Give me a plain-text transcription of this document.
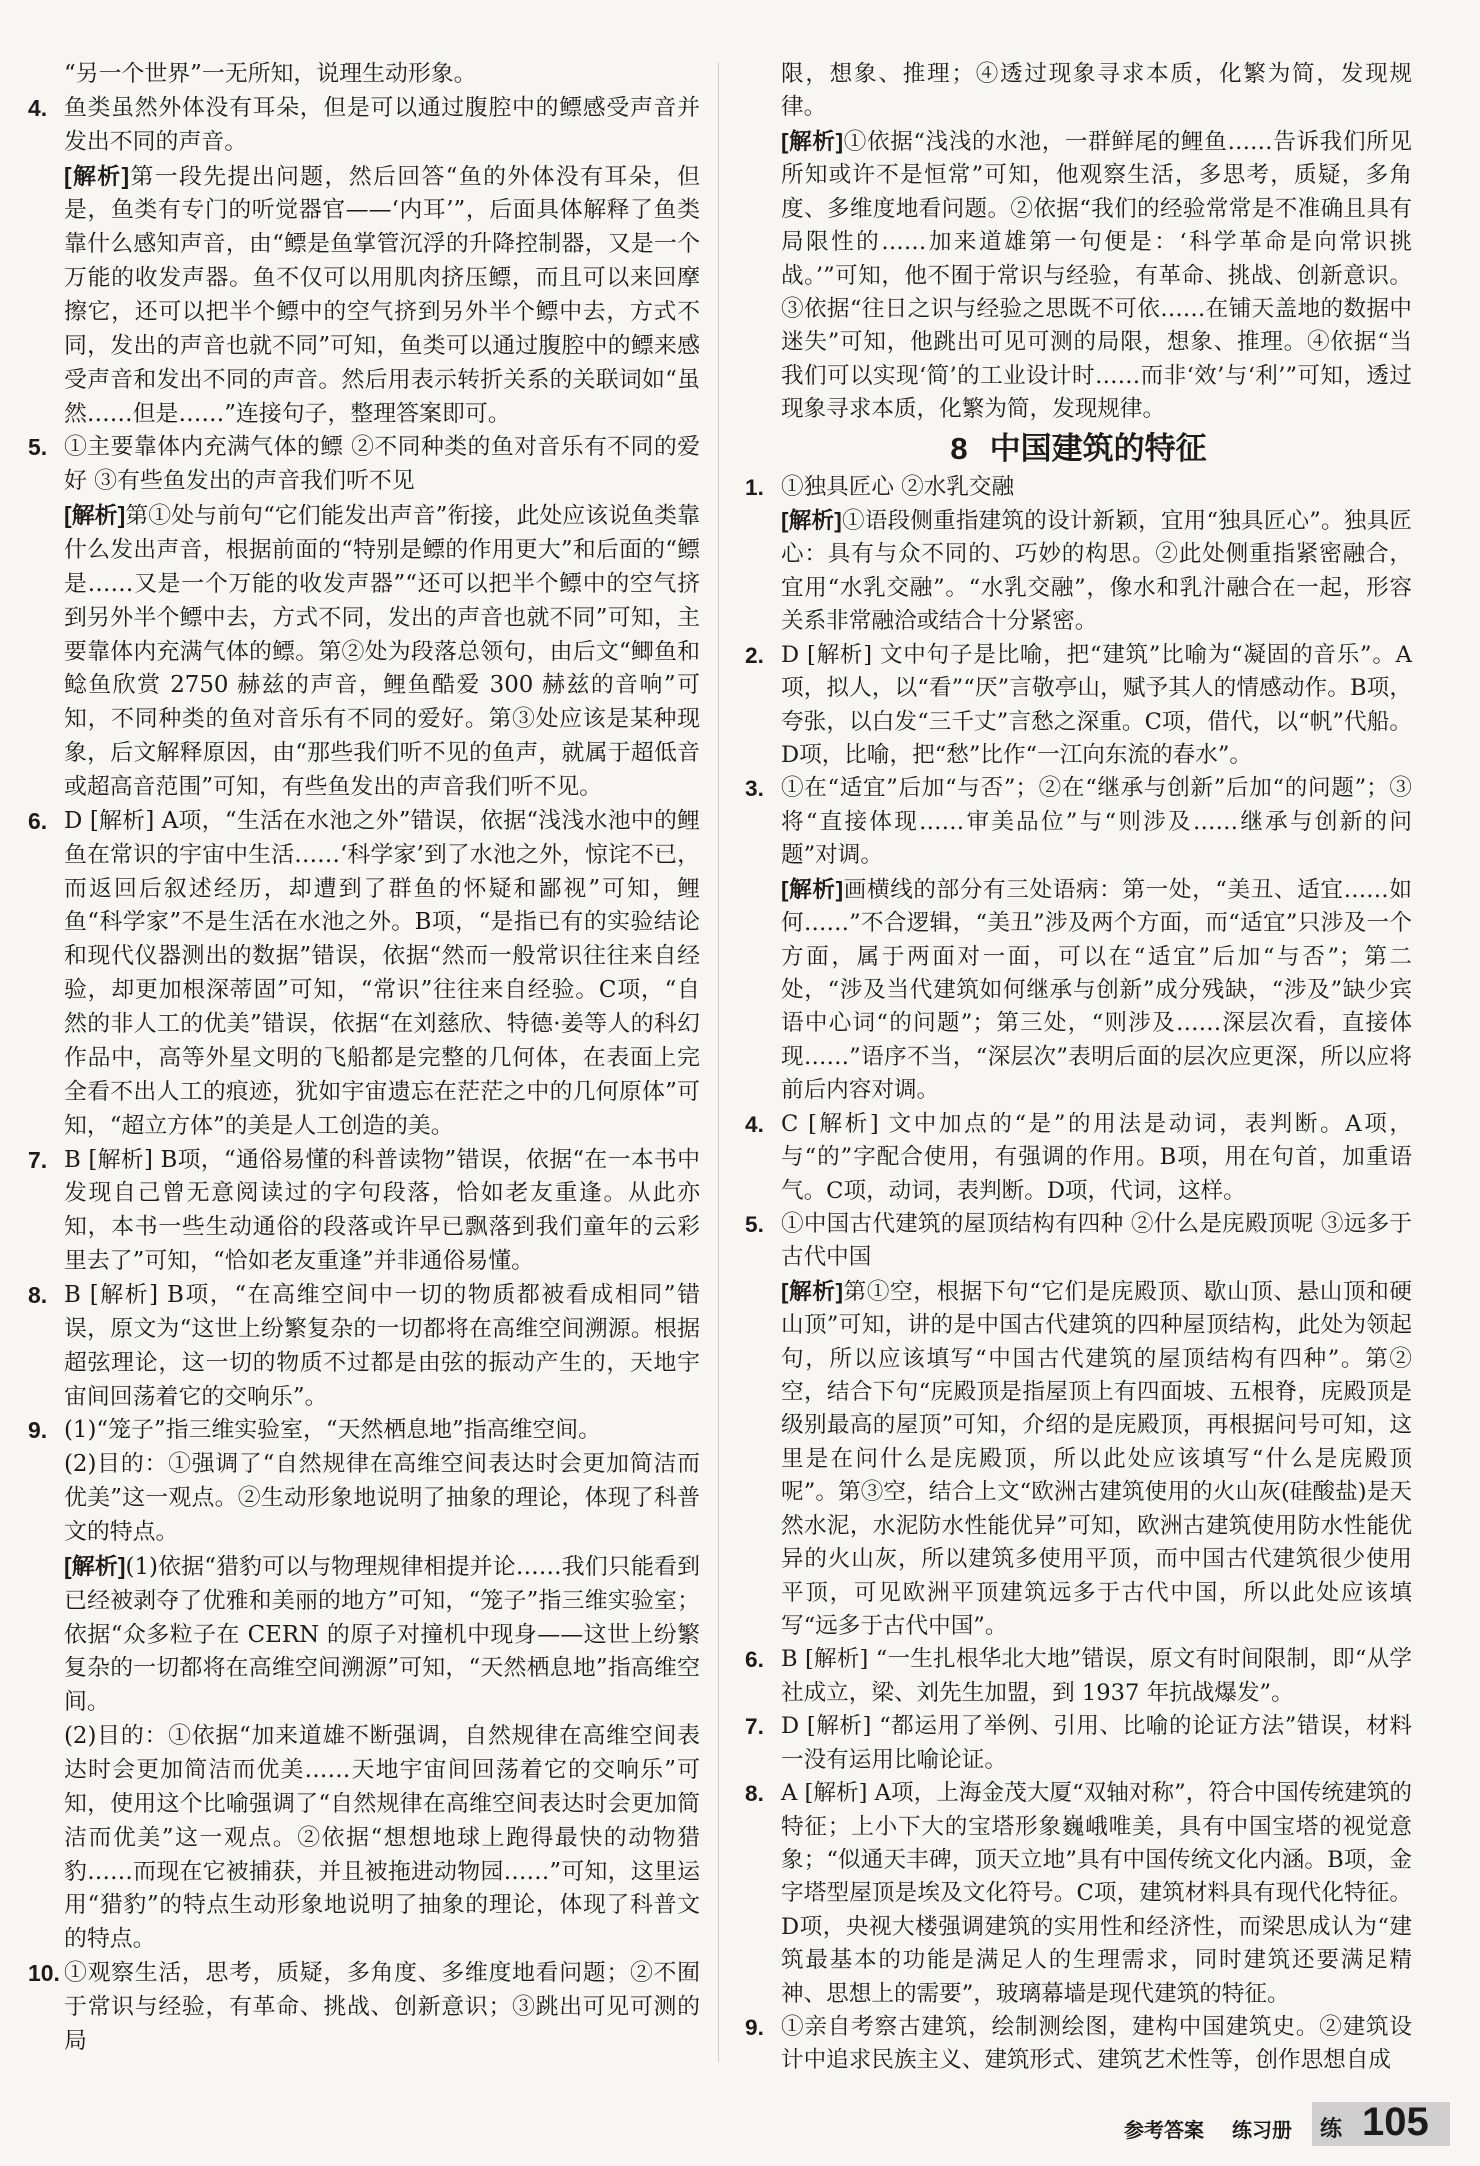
“另一个世界”一无所知，说理生动形象。

4. 鱼类虽然外体没有耳朵，但是可以通过腹腔中的鳔感受声音并发出不同的声音。

[解析]第一段先提出问题，然后回答“鱼的外体没有耳朵，但是，鱼类有专门的听觉器官——‘内耳’”，后面具体解释了鱼类靠什么感知声音，由“鳔是鱼掌管沉浮的升降控制器，又是一个万能的收发声器。鱼不仅可以用肌肉挤压鳔，而且可以来回摩擦它，还可以把半个鳔中的空气挤到另外半个鳔中去，方式不同，发出的声音也就不同”可知，鱼类可以通过腹腔中的鳔来感受声音和发出不同的声音。然后用表示转折关系的关联词如“虽然……但是……”连接句子，整理答案即可。

5. ①主要靠体内充满气体的鳔 ②不同种类的鱼对音乐有不同的爱好 ③有些鱼发出的声音我们听不见

[解析]第①处与前句“它们能发出声音”衔接，此处应该说鱼类靠什么发出声音，根据前面的“特别是鳔的作用更大”和后面的“鳔是……又是一个万能的收发声器”“还可以把半个鳔中的空气挤到另外半个鳔中去，方式不同，发出的声音也就不同”可知，主要靠体内充满气体的鳔。第②处为段落总领句，由后文“鲫鱼和鲶鱼欣赏 2750 赫兹的声音，鲤鱼酷爱 300 赫兹的音响”可知，不同种类的鱼对音乐有不同的爱好。第③处应该是某种现象，后文解释原因，由“那些我们听不见的鱼声，就属于超低音或超高音范围”可知，有些鱼发出的声音我们听不见。

6. D [解析] A项，“生活在水池之外”错误，依据“浅浅水池中的鲤鱼在常识的宇宙中生活……‘科学家’到了水池之外，惊诧不已，而返回后叙述经历，却遭到了群鱼的怀疑和鄙视”可知，鲤鱼“科学家”不是生活在水池之外。B项，“是指已有的实验结论和现代仪器测出的数据”错误，依据“然而一般常识往往来自经验，却更加根深蒂固”可知，“常识”往往来自经验。C项，“自然的非人工的优美”错误，依据“在刘慈欣、特德·姜等人的科幻作品中，高等外星文明的飞船都是完整的几何体，在表面上完全看不出人工的痕迹，犹如宇宙遗忘在茫茫之中的几何原体”可知，“超立方体”的美是人工创造的美。

7. B [解析] B项，“通俗易懂的科普读物”错误，依据“在一本书中发现自己曾无意阅读过的字句段落，恰如老友重逢。从此亦知，本书一些生动通俗的段落或许早已飘落到我们童年的云彩里去了”可知，“恰如老友重逢”并非通俗易懂。

8. B [解析] B项，“在高维空间中一切的物质都被看成相同”错误，原文为“这世上纷繁复杂的一切都将在高维空间溯源。根据超弦理论，这一切的物质不过都是由弦的振动产生的，天地宇宙间回荡着它的交响乐”。

9. (1)“笼子”指三维实验室，“天然栖息地”指高维空间。

(2)目的：①强调了“自然规律在高维空间表达时会更加简洁而优美”这一观点。②生动形象地说明了抽象的理论，体现了科普文的特点。

[解析](1)依据“猎豹可以与物理规律相提并论……我们只能看到已经被剥夺了优雅和美丽的地方”可知，“笼子”指三维实验室；依据“众多粒子在 CERN 的原子对撞机中现身——这世上纷繁复杂的一切都将在高维空间溯源”可知，“天然栖息地”指高维空间。

(2)目的：①依据“加来道雄不断强调，自然规律在高维空间表达时会更加简洁而优美……天地宇宙间回荡着它的交响乐”可知，使用这个比喻强调了“自然规律在高维空间表达时会更加简洁而优美”这一观点。②依据“想想地球上跑得最快的动物猎豹……而现在它被捕获，并且被拖进动物园……”可知，这里运用“猎豹”的特点生动形象地说明了抽象的理论，体现了科普文的特点。

10. ①观察生活，思考，质疑，多角度、多维度地看问题；②不囿于常识与经验，有革命、挑战、创新意识；③跳出可见可测的局

限，想象、推理；④透过现象寻求本质，化繁为简，发现规律。

[解析]①依据“浅浅的水池，一群鲜尾的鲤鱼……告诉我们所见所知或许不是恒常”可知，他观察生活，多思考，质疑，多角度、多维度地看问题。②依据“我们的经验常常是不准确且具有局限性的……加来道雄第一句便是：‘科学革命是向常识挑战。’”可知，他不囿于常识与经验，有革命、挑战、创新意识。③依据“往日之识与经验之思既不可依……在铺天盖地的数据中迷失”可知，他跳出可见可测的局限，想象、推理。④依据“当我们可以实现‘简’的工业设计时……而非‘效’与‘利’”可知，透过现象寻求本质，化繁为简，发现规律。

8 中国建筑的特征
1. ①独具匠心 ②水乳交融

[解析]①语段侧重指建筑的设计新颖，宜用“独具匠心”。独具匠心：具有与众不同的、巧妙的构思。②此处侧重指紧密融合，宜用“水乳交融”。“水乳交融”，像水和乳汁融合在一起，形容关系非常融洽或结合十分紧密。

2. D [解析] 文中句子是比喻，把“建筑”比喻为“凝固的音乐”。A项，拟人，以“看”“厌”言敬亭山，赋予其人的情感动作。B项，夸张，以白发“三千丈”言愁之深重。C项，借代，以“帆”代船。D项，比喻，把“愁”比作“一江向东流的春水”。

3. ①在“适宜”后加“与否”；②在“继承与创新”后加“的问题”；③将“直接体现……审美品位”与“则涉及……继承与创新的问题”对调。

[解析]画横线的部分有三处语病：第一处，“美丑、适宜……如何……”不合逻辑，“美丑”涉及两个方面，而“适宜”只涉及一个方面，属于两面对一面，可以在“适宜”后加“与否”；第二处，“涉及当代建筑如何继承与创新”成分残缺，“涉及”缺少宾语中心词“的问题”；第三处，“则涉及……深层次看，直接体现……”语序不当，“深层次”表明后面的层次应更深，所以应将前后内容对调。

4. C [解析] 文中加点的“是”的用法是动词，表判断。A项，与“的”字配合使用，有强调的作用。B项，用在句首，加重语气。C项，动词，表判断。D项，代词，这样。

5. ①中国古代建筑的屋顶结构有四种 ②什么是庑殿顶呢 ③远多于古代中国

[解析]第①空，根据下句“它们是庑殿顶、歇山顶、悬山顶和硬山顶”可知，讲的是中国古代建筑的四种屋顶结构，此处为领起句，所以应该填写“中国古代建筑的屋顶结构有四种”。第②空，结合下句“庑殿顶是指屋顶上有四面坡、五根脊，庑殿顶是级别最高的屋顶”可知，介绍的是庑殿顶，再根据问号可知，这里是在问什么是庑殿顶，所以此处应该填写“什么是庑殿顶呢”。第③空，结合上文“欧洲古建筑使用的火山灰(硅酸盐)是天然水泥，水泥防水性能优异”可知，欧洲古建筑使用防水性能优异的火山灰，所以建筑多使用平顶，而中国古代建筑很少使用平顶，可见欧洲平顶建筑远多于古代中国，所以此处应该填写“远多于古代中国”。

6. B [解析] “一生扎根华北大地”错误，原文有时间限制，即“从学社成立，梁、刘先生加盟，到 1937 年抗战爆发”。

7. D [解析] “都运用了举例、引用、比喻的论证方法”错误，材料一没有运用比喻论证。

8. A [解析] A项，上海金茂大厦“双轴对称”，符合中国传统建筑的特征；上小下大的宝塔形象巍峨唯美，具有中国宝塔的视觉意象；“似通天丰碑，顶天立地”具有中国传统文化内涵。B项，金字塔型屋顶是埃及文化符号。C项，建筑材料具有现代化特征。D项，央视大楼强调建筑的实用性和经济性，而梁思成认为“建筑最基本的功能是满足人的生理需求，同时建筑还要满足精神、思想上的需要”，玻璃幕墙是现代建筑的特征。

9. ①亲自考察古建筑，绘制测绘图，建构中国建筑史。②建筑设计中追求民族主义、建筑形式、建筑艺术性等，创作思想自成

参考答案 练习册 练 105
